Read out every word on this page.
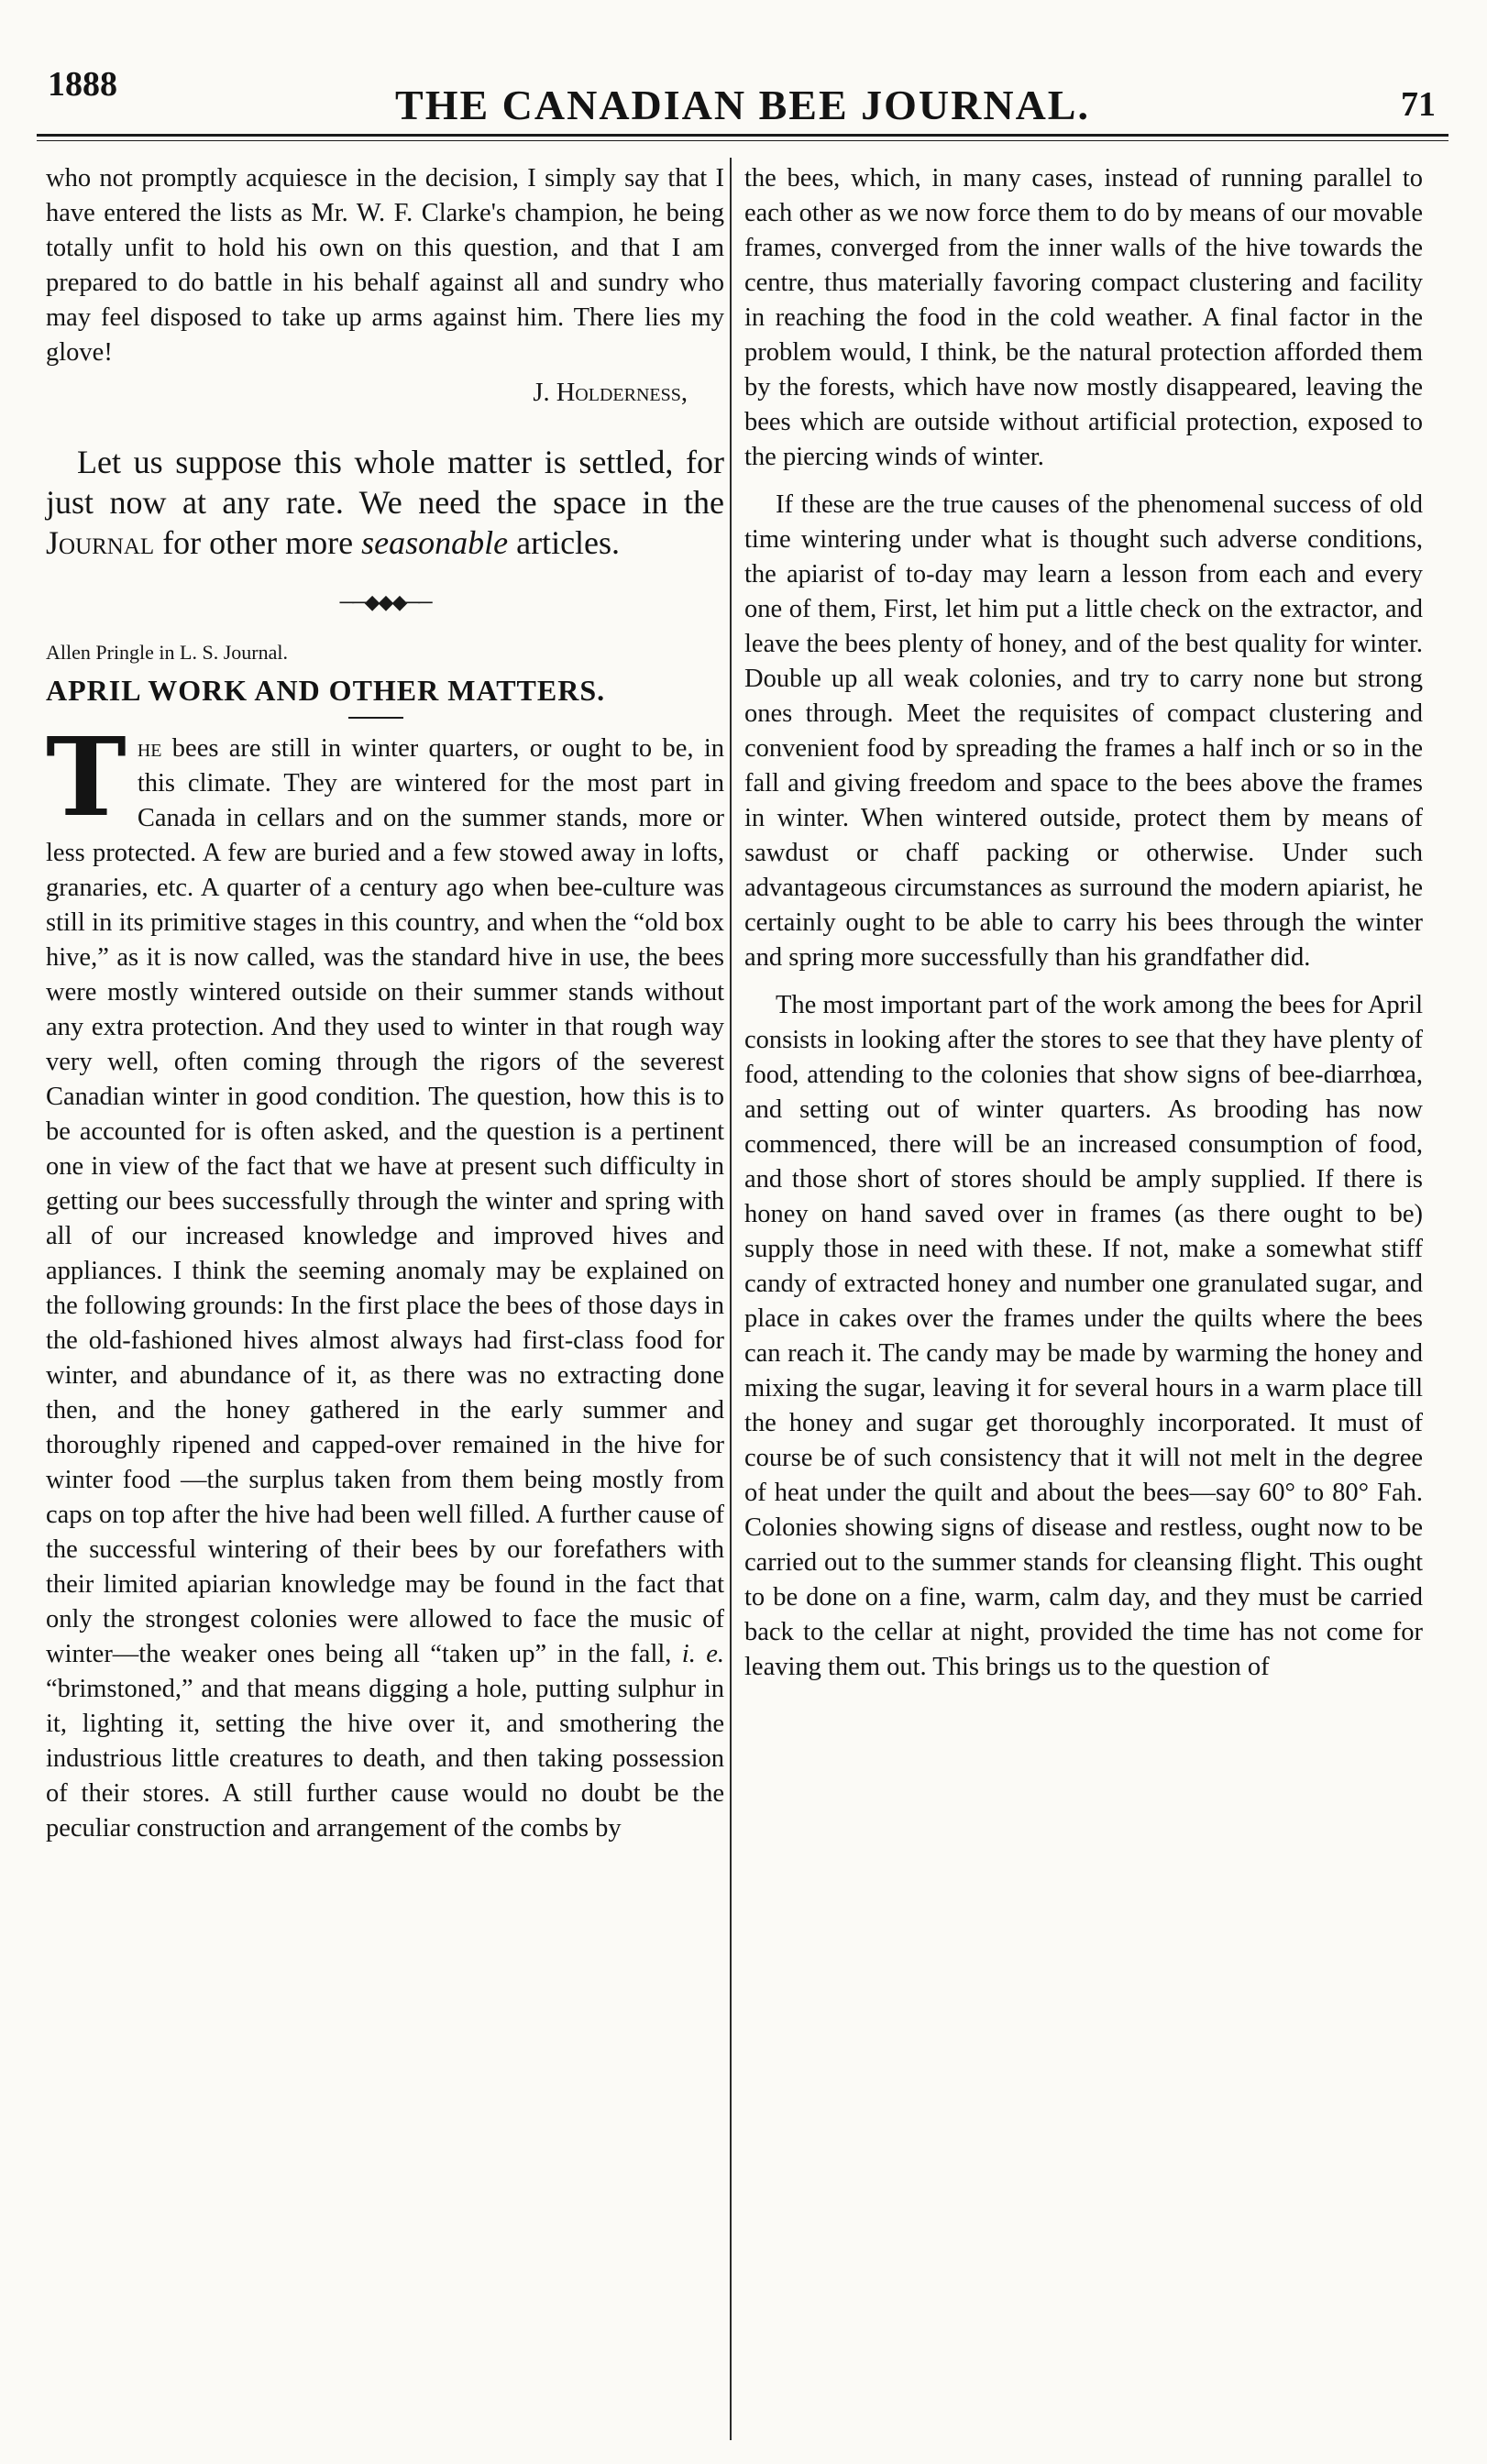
1888	THE CANADIAN BEE JOURNAL.	71

who not promptly acquiesce in the decision, I simply say that I have entered the lists as Mr. W. F. Clarke's champion, he being totally unfit to hold his own on this question, and that I am prepared to do battle in his behalf against all and sundry who may feel disposed to take up arms against him. There lies my glove!

J. Holderness,

Let us suppose this whole matter is settled, for just now at any rate. We need the space in the Journal for other more seasonable articles.

──◆◆◆──

Allen Pringle in L. S. Journal.

APRIL WORK AND OTHER MATTERS.

The bees are still in winter quarters, or ought to be, in this climate. They are wintered for the most part in Canada in cellars and on the summer stands, more or less protected. A few are buried and a few stowed away in lofts, granaries, etc. A quarter of a century ago when bee-culture was still in its primitive stages in this country, and when the “old box hive,” as it is now called, was the standard hive in use, the bees were mostly wintered outside on their summer stands without any extra protection. And they used to winter in that rough way very well, often coming through the rigors of the severest Canadian winter in good condition. The question, how this is to be accounted for is often asked, and the question is a pertinent one in view of the fact that we have at present such difficulty in getting our bees successfully through the winter and spring with all of our increased knowledge and improved hives and appliances. I think the seeming anomaly may be explained on the following grounds: In the first place the bees of those days in the old-fashioned hives almost always had first-class food for winter, and abundance of it, as there was no extracting done then, and the honey gathered in the early summer and thoroughly ripened and capped-over remained in the hive for winter food —the surplus taken from them being mostly from caps on top after the hive had been well filled. A further cause of the successful wintering of their bees by our forefathers with their limited apiarian knowledge may be found in the fact that only the strongest colonies were allowed to face the music of winter—the weaker ones being all “taken up” in the fall, i. e. “brimstoned,” and that means digging a hole, putting sulphur in it, lighting it, setting the hive over it, and smothering the industrious little creatures to death, and then taking possession of their stores. A still further cause would no doubt be the peculiar construction and arrangement of the combs by

the bees, which, in many cases, instead of running parallel to each other as we now force them to do by means of our movable frames, converged from the inner walls of the hive towards the centre, thus materially favoring compact clustering and facility in reaching the food in the cold weather. A final factor in the problem would, I think, be the natural protection afforded them by the forests, which have now mostly disappeared, leaving the bees which are outside without artificial protection, exposed to the piercing winds of winter.

If these are the true causes of the phenomenal success of old time wintering under what is thought such adverse conditions, the apiarist of to-day may learn a lesson from each and every one of them, First, let him put a little check on the extractor, and leave the bees plenty of honey, and of the best quality for winter. Double up all weak colonies, and try to carry none but strong ones through. Meet the requisites of compact clustering and convenient food by spreading the frames a half inch or so in the fall and giving freedom and space to the bees above the frames in winter. When wintered outside, protect them by means of sawdust or chaff packing or otherwise. Under such advantageous circumstances as surround the modern apiarist, he certainly ought to be able to carry his bees through the winter and spring more successfully than his grandfather did.

The most important part of the work among the bees for April consists in looking after the stores to see that they have plenty of food, attending to the colonies that show signs of bee-diarrhœa, and setting out of winter quarters. As brooding has now commenced, there will be an increased consumption of food, and those short of stores should be amply supplied. If there is honey on hand saved over in frames (as there ought to be) supply those in need with these. If not, make a somewhat stiff candy of extracted honey and number one granulated sugar, and place in cakes over the frames under the quilts where the bees can reach it. The candy may be made by warming the honey and mixing the sugar, leaving it for several hours in a warm place till the honey and sugar get thoroughly incorporated. It must of course be of such consistency that it will not melt in the degree of heat under the quilt and about the bees—say 60° to 80° Fah. Colonies showing signs of disease and restless, ought now to be carried out to the summer stands for cleansing flight. This ought to be done on a fine, warm, calm day, and they must be carried back to the cellar at night, provided the time has not come for leaving them out. This brings us to the question of
